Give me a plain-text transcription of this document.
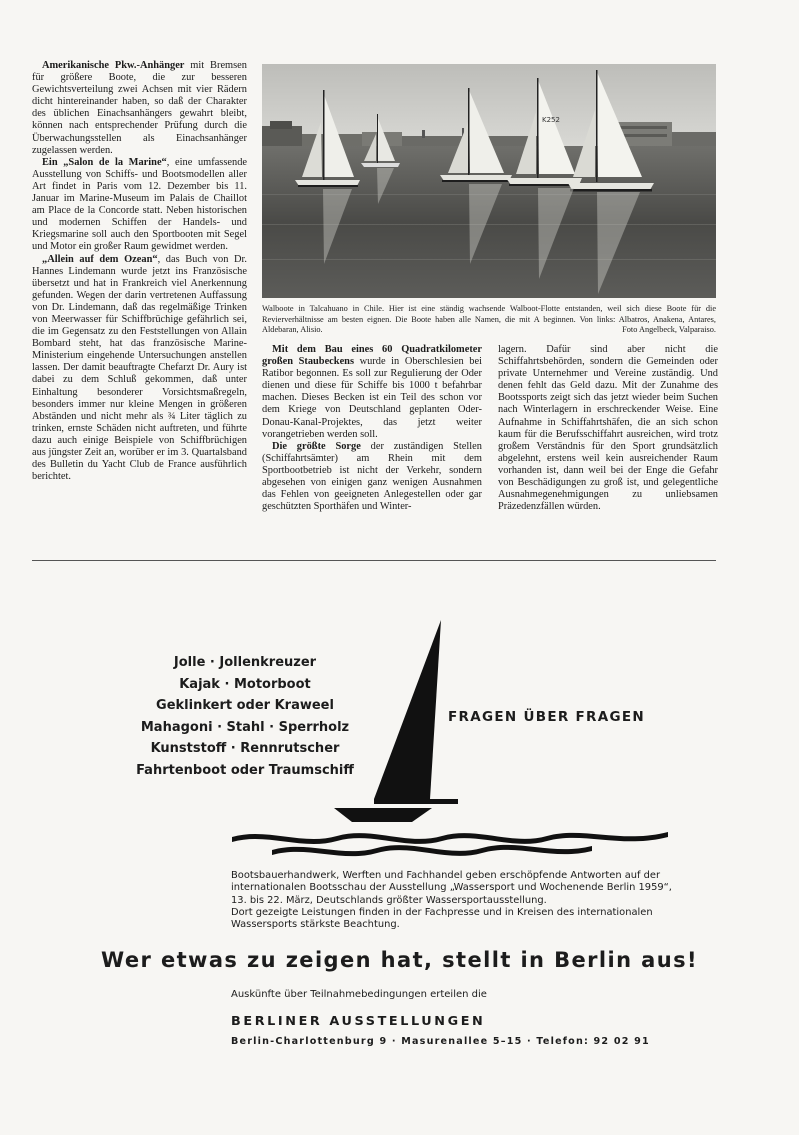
Amerikanische Pkw.-Anhänger mit Bremsen für größere Boote, die zur besseren Gewichtsverteilung zwei Achsen mit vier Rädern dicht hintereinander haben, so daß der Charakter des üblichen Einachsanhängers gewahrt bleibt, können nach entsprechender Prüfung durch die Überwachungsstellen als Einachsanhänger zugelassen werden.

Ein „Salon de la Marine“, eine umfassende Ausstellung von Schiffs- und Bootsmodellen aller Art findet in Paris vom 12. Dezember bis 11. Januar im Marine-Museum im Palais de Chaillot am Place de la Concorde statt. Neben historischen und modernen Schiffen der Handels- und Kriegsmarine soll auch den Sportbooten mit Segel und Motor ein großer Raum gewidmet werden.

„Allein auf dem Ozean“, das Buch von Dr. Hannes Lindemann wurde jetzt ins Französische übersetzt und hat in Frankreich viel Anerkennung gefunden. Wegen der darin vertretenen Auffassung von Dr. Lindemann, daß das regelmäßige Trinken von Meerwasser für Schiffbrüchige gefährlich sei, die im Gegensatz zu den Feststellungen von Allain Bombard steht, hat das französische Marine-Ministerium eingehende Untersuchungen anstellen lassen. Der damit beauftragte Chefarzt Dr. Aury ist dabei zu dem Schluß gekommen, daß unter Einhaltung besonderer Vorsichtsmaßregeln, besonders immer nur kleine Mengen in größeren Abständen und nicht mehr als ¾ Liter täglich zu trinken, ernste Schäden nicht auftreten, und führte dazu auch einige Beispiele von Schiffbrüchigen aus jüngster Zeit an, worüber er im 3. Quartalsband des Bulletin du Yacht Club de France ausführlich berichtet.

K252
Walboote in Talcahuano in Chile. Hier ist eine ständig wachsende Walboot-Flotte entstanden, weil sich diese Boote für die Revierverhältnisse am besten eignen. Die Boote haben alle Namen, die mit A beginnen. Von links: Albatros, Anakena, Antares, Aldebaran, Alisio.	Foto Angelbeck, Valparaiso.

Mit dem Bau eines 60 Quadratkilometer großen Staubeckens wurde in Oberschlesien bei Ratibor begonnen. Es soll zur Regulierung der Oder dienen und diese für Schiffe bis 1000 t befahrbar machen. Dieses Becken ist ein Teil des schon vor dem Kriege von Deutschland geplanten Oder-Donau-Kanal-Projektes, das jetzt weiter vorangetrieben werden soll.

Die größte Sorge der zuständigen Stellen (Schiffahrtsämter) am Rhein mit dem Sportbootbetrieb ist nicht der Verkehr, sondern abgesehen von einigen ganz wenigen Ausnahmen das Fehlen von geeigneten Anlegestellen oder gar geschützten Sporthäfen und Winter-

lagern. Dafür sind aber nicht die Schiffahrtsbehörden, sondern die Gemeinden oder private Unternehmer und Vereine zuständig. Und denen fehlt das Geld dazu. Mit der Zunahme des Bootssports zeigt sich das jetzt wieder beim Suchen nach Winterlagern in erschreckender Weise. Eine Aufnahme in Schiffahrtshäfen, die an sich schon kaum für die Berufsschiffahrt ausreichen, wird trotz großem Verständnis für den Sport grundsätzlich abgelehnt, erstens weil kein ausreichender Raum vorhanden ist, dann weil bei der Enge die Gefahr von Beschädigungen zu groß ist, und gelegentliche Ausnahmegenehmigungen zu unliebsamen Präzedenzfällen würden.

Jolle · Jollenkreuzer
Kajak · Motorboot
Geklinkert oder Kraweel
Mahagoni · Stahl · Sperrholz
Kunststoff · Rennrutscher
Fahrtenboot oder Traumschiff
FRAGEN ÜBER FRAGEN
Bootsbauerhandwerk, Werften und Fachhandel geben erschöpfende Antworten auf der
internationalen Bootsschau der Ausstellung „Wassersport und Wochenende Berlin 1959“,
13. bis 22. März, Deutschlands größter Wassersportausstellung.
Dort gezeigte Leistungen finden in der Fachpresse und in Kreisen des internationalen
Wassersports stärkste Beachtung.
Wer etwas zu zeigen hat, stellt in Berlin aus!
Auskünfte über Teilnahmebedingungen erteilen die
BERLINER AUSSTELLUNGEN
Berlin-Charlottenburg 9 · Masurenallee 5–15 · Telefon: 92 02 91
